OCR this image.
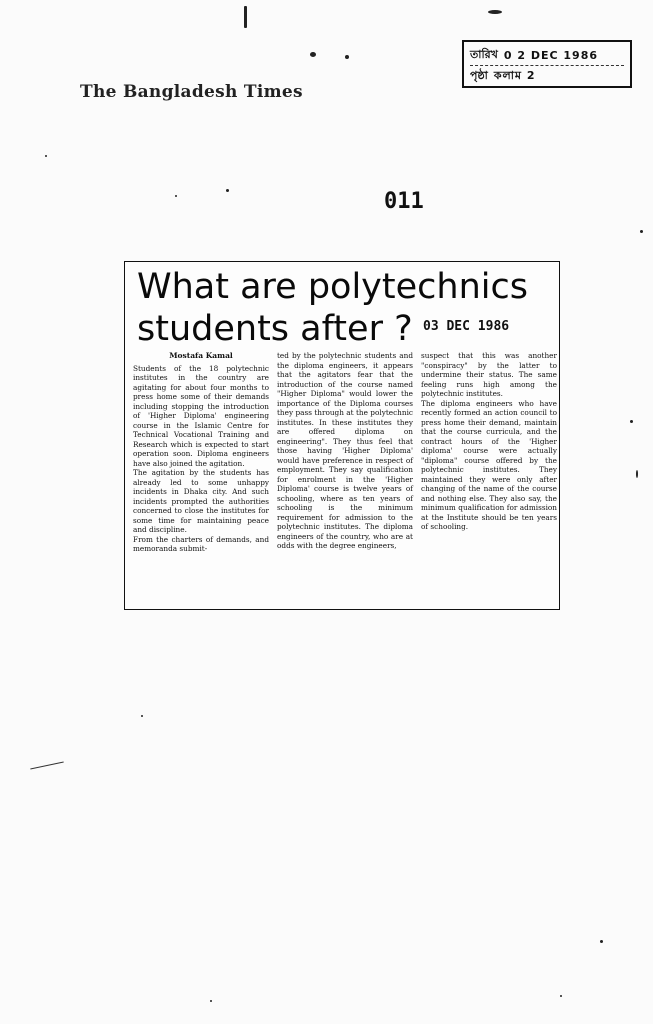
তারিখ 0 2 DEC 1986
পৃষ্ঠা কলাম 2
The Bangladesh Times
011
What are polytechnics
students after ? 03 DEC 1986

Mostafa Kamal

Students of the 18 polytechnic institutes in the country are agitating for about four months to press home some of their demands including stopping the introduction of 'Higher Diploma' engineering course in the Islamic Centre for Technical Vocational Training and Research which is expected to start operation soon. Diploma engineers have also joined the agitation.

The agitation by the students has already led to some unhappy incidents in Dhaka city. And such incidents prompted the authorities concerned to close the institutes for some time for maintaining peace and discipline.

From the charters of demands, and memoranda submit-

ted by the polytechnic students and the diploma engineers, it appears that the agitators fear that the introduction of the course named "Higher Diploma" would lower the importance of the Diploma courses they pass through at the polytechnic institutes. In these institutes they are offered diploma on engineering". They thus feel that those having 'Higher Diploma' would have preference in respect of employment. They say qualification for enrolment in the 'Higher Diploma' course is twelve years of schooling, where as ten years of schooling is the minimum requirement for admission to the polytechnic institutes. The diploma engineers of the country, who are at odds with the degree engineers,

suspect that this was another "conspiracy" by the latter to undermine their status. The same feeling runs high among the polytechnic institutes.

The diploma engineers who have recently formed an action council to press home their demand, maintain that the course curricula, and the contract hours of the 'Higher diploma' course were actually "diploma" course offered by the polytechnic institutes. They maintained they were only after changing of the name of the course and nothing else. They also say, the minimum qualification for admission at the Institute should be ten years of schooling.
